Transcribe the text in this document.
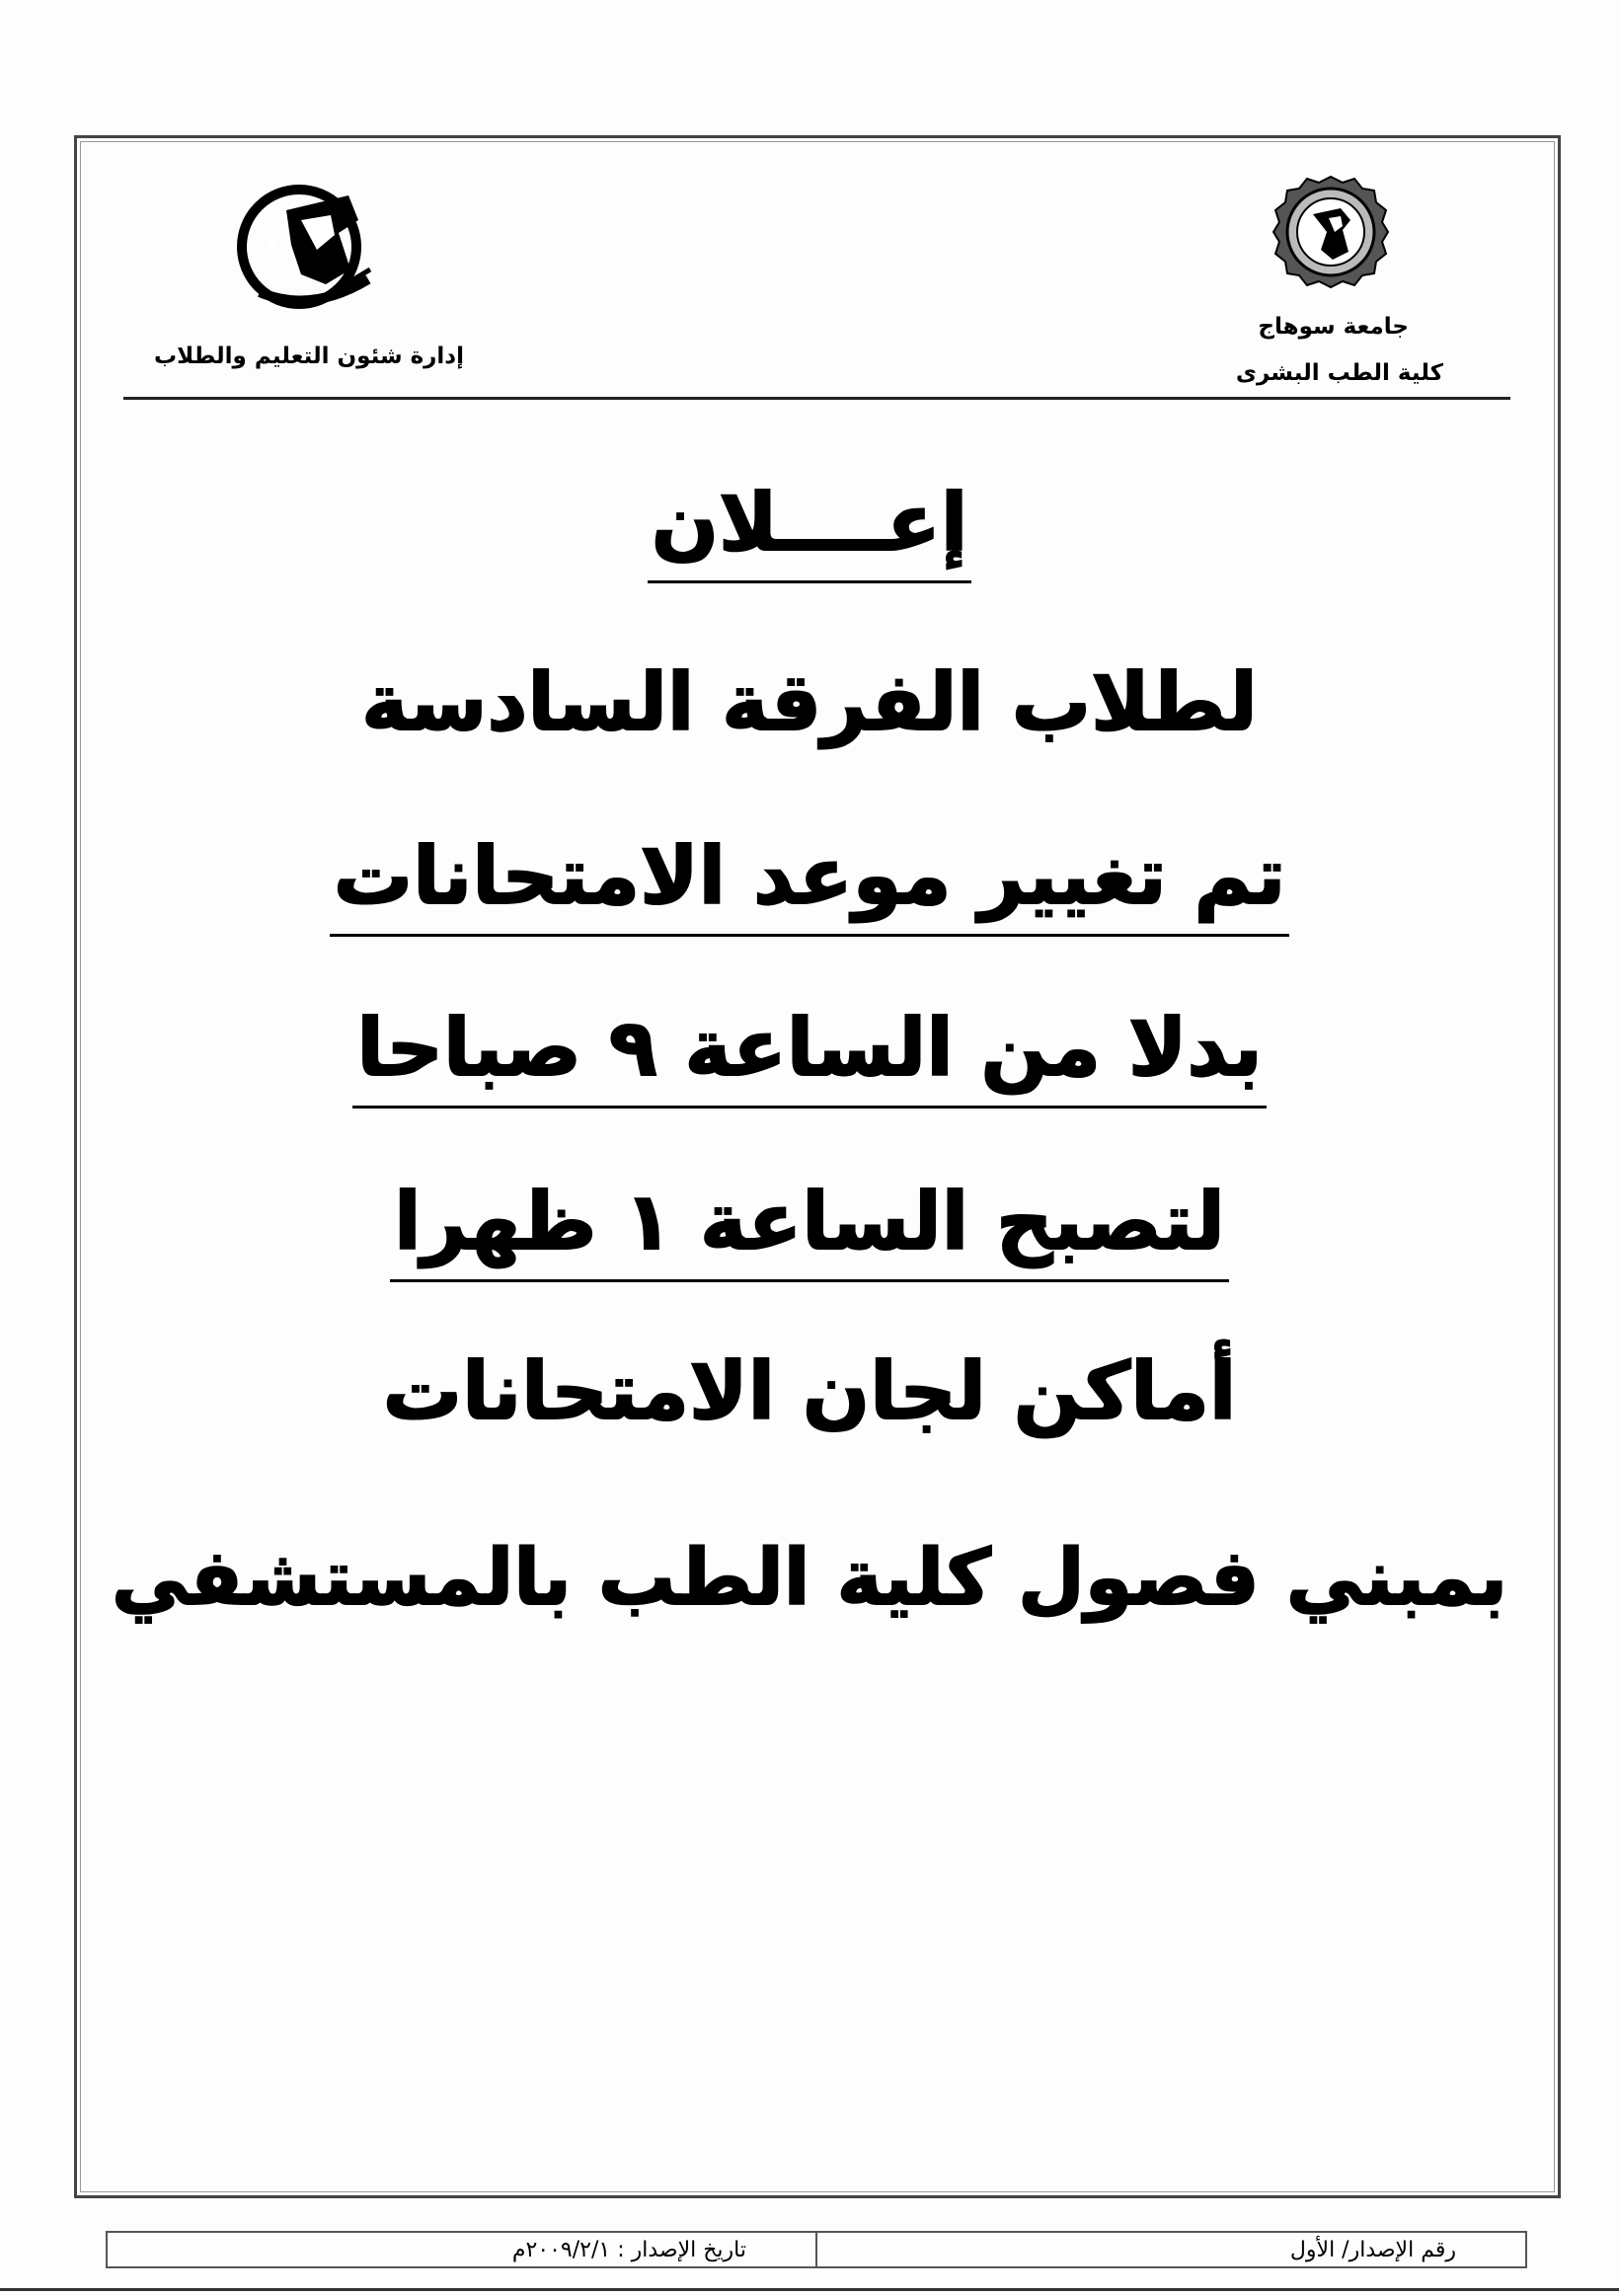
إدارة شئون التعليم والطلاب
جامعة سوهاج
كلية الطب البشرى
إعــــلان
لطلاب الفرقة السادسة
تم تغيير موعد الامتحانات
بدلا من الساعة ٩ صباحا
لتصبح الساعة ١ ظهرا
أماكن لجان الامتحانات
بمبني فصول كلية الطب بالمستشفي
رقم الإصدار/ الأول
تاريخ الإصدار : ٢٠٠٩/٢/١م
